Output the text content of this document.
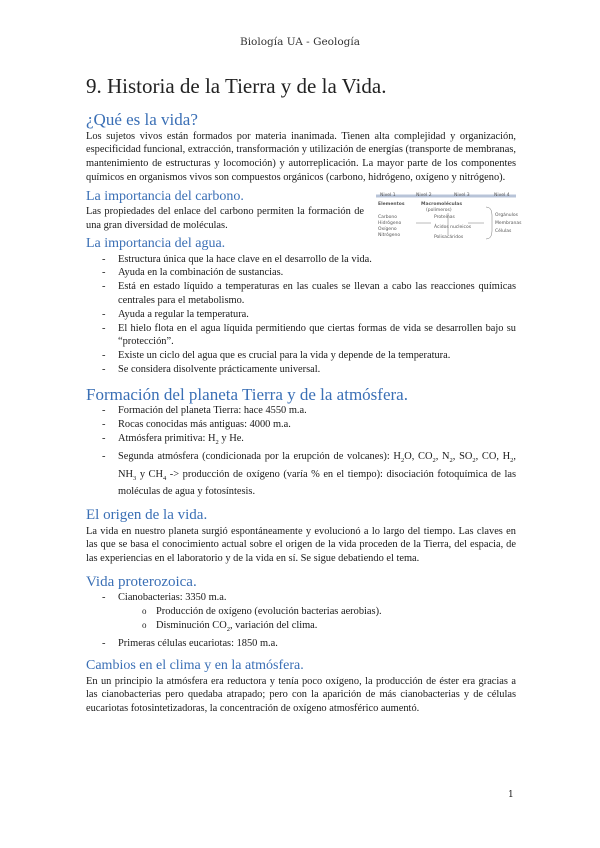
Biología UA - Geología
9. Historia de la Tierra y de la Vida.
¿Qué es la vida?

Los sujetos vivos están formados por materia inanimada. Tienen alta complejidad y organización, especificidad funcional, extracción, transformación y utilización de energías (transporte de membranas, mantenimiento de estructuras y locomoción) y autorreplicación. La mayor parte de los componentes químicos en organismos vivos son compuestos orgánicos (carbono, hidrógeno, oxígeno y nitrógeno).

La importancia del carbono.

Las propiedades del enlace del carbono permiten la formación de una gran diversidad de moléculas.

Nivel 1	Nivel 2	Nivel 3	Nivel 4
Elementos	Macromoléculas
(polímeros)
Carbono
Hidrógeno
Oxígeno
Nitrógeno
Proteínas
Ácidos nucleicos
Polisacáridos
Orgánulos
Membranas
Células
La importancia del agua.
- Estructura única que la hace clave en el desarrollo de la vida.
- Ayuda en la combinación de sustancias.
- Está en estado líquido a temperaturas en las cuales se llevan a cabo las reacciones químicas centrales para el metabolismo.
- Ayuda a regular la temperatura.
- El hielo flota en el agua líquida permitiendo que ciertas formas de vida se desarrollen bajo su “protección”.
- Existe un ciclo del agua que es crucial para la vida y depende de la temperatura.
- Se considera disolvente prácticamente universal.
Formación del planeta Tierra y de la atmósfera.
- Formación del planeta Tierra: hace 4550 m.a.
- Rocas conocidas más antiguas: 4000 m.a.
- Atmósfera primitiva: $H_2$ y He.
- Segunda atmósfera (condicionada por la erupción de volcanes): $H_2O$, $CO_2$, $N_2$, $SO_2$, CO, $H_2$, $NH_3$ y $CH_4$ -> producción de oxígeno (varía % en el tiempo): disociación fotoquímica de las moléculas de agua y fotosíntesis.
El origen de la vida.

La vida en nuestro planeta surgió espontáneamente y evolucionó a lo largo del tiempo. Las claves en las que se basa el conocimiento actual sobre el origen de la vida proceden de la Tierra, del espacia, de las experiencias en el laboratorio y de la vida en sí. Se sigue debatiendo el tema.

Vida proterozoica.
- Cianobacterias: 3350 m.a.
o Producción de oxígeno (evolución bacterias aerobias).
o Disminución $CO_2$, variación del clima.
- Primeras células eucariotas: 1850 m.a.
Cambios en el clima y en la atmósfera.

En un principio la atmósfera era reductora y tenía poco oxígeno, la producción de éster era gracias a las cianobacterias pero quedaba atrapado; pero con la aparición de más cianobacterias y de células eucariotas fotosintetizadoras, la concentración de oxígeno atmosférico aumentó.

1
